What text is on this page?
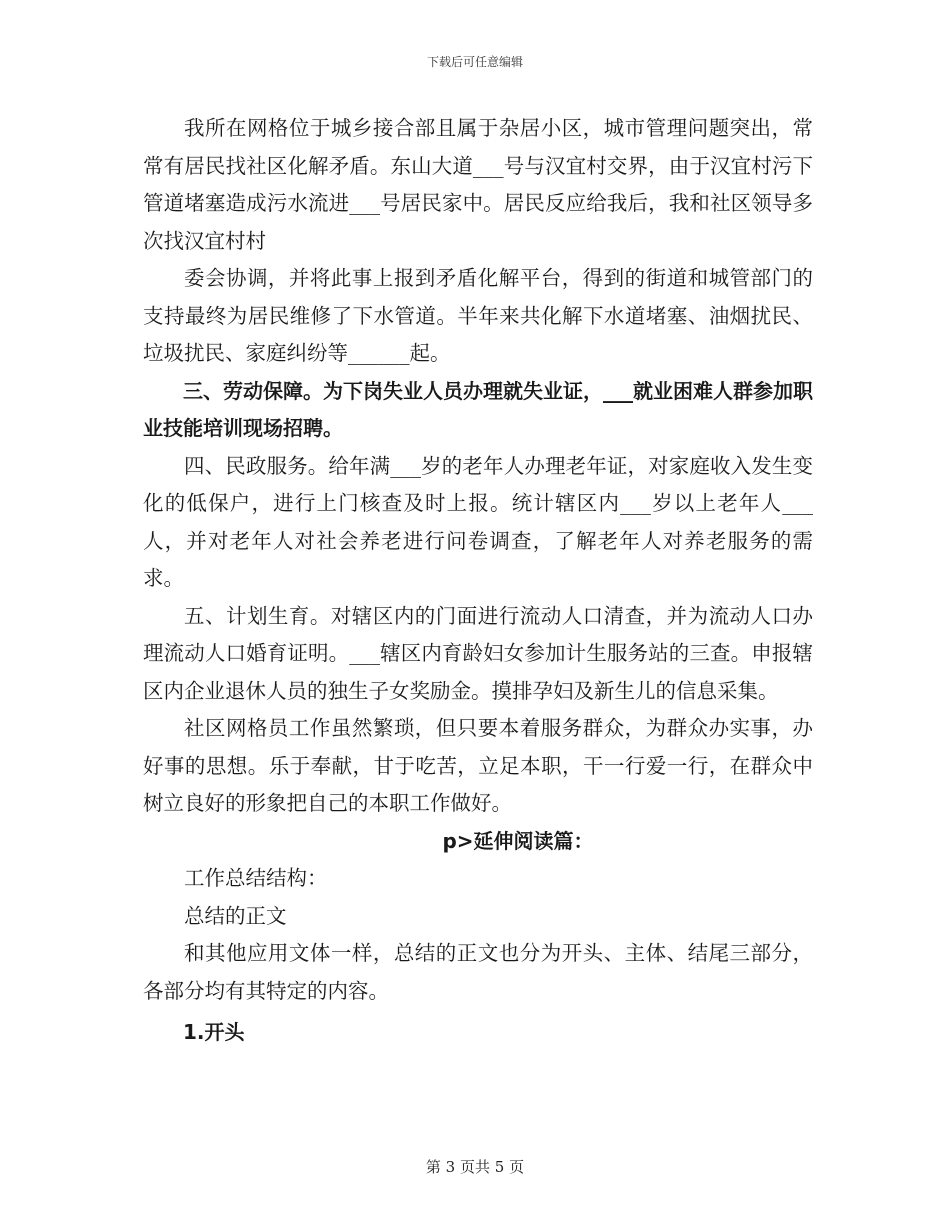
下载后可任意编辑

我所在网格位于城乡接合部且属于杂居小区，城市管理问题突出，常常有居民找社区化解矛盾。东山大道___号与汉宜村交界，由于汉宜村污下管道堵塞造成污水流进___号居民家中。居民反应给我后，我和社区领导多次找汉宜村村

委会协调，并将此事上报到矛盾化解平台，得到的街道和城管部门的支持最终为居民维修了下水管道。半年来共化解下水道堵塞、油烟扰民、垃圾扰民、家庭纠纷等______起。

三、劳动保障。为下岗失业人员办理就失业证，___就业困难人群参加职业技能培训现场招聘。

四、民政服务。给年满___岁的老年人办理老年证，对家庭收入发生变化的低保户，进行上门核查及时上报。统计辖区内___岁以上老年人___人，并对老年人对社会养老进行问卷调查，了解老年人对养老服务的需求。

五、计划生育。对辖区内的门面进行流动人口清查，并为流动人口办理流动人口婚育证明。___辖区内育龄妇女参加计生服务站的三查。申报辖区内企业退休人员的独生子女奖励金。摸排孕妇及新生儿的信息采集。

社区网格员工作虽然繁琐，但只要本着服务群众，为群众办实事，办好事的思想。乐于奉献，甘于吃苦，立足本职，干一行爱一行，在群众中树立良好的形象把自己的本职工作做好。

p>延伸阅读篇：

工作总结结构：

总结的正文

和其他应用文体一样，总结的正文也分为开头、主体、结尾三部分，各部分均有其特定的内容。

1.开头

第 3 页共 5 页
